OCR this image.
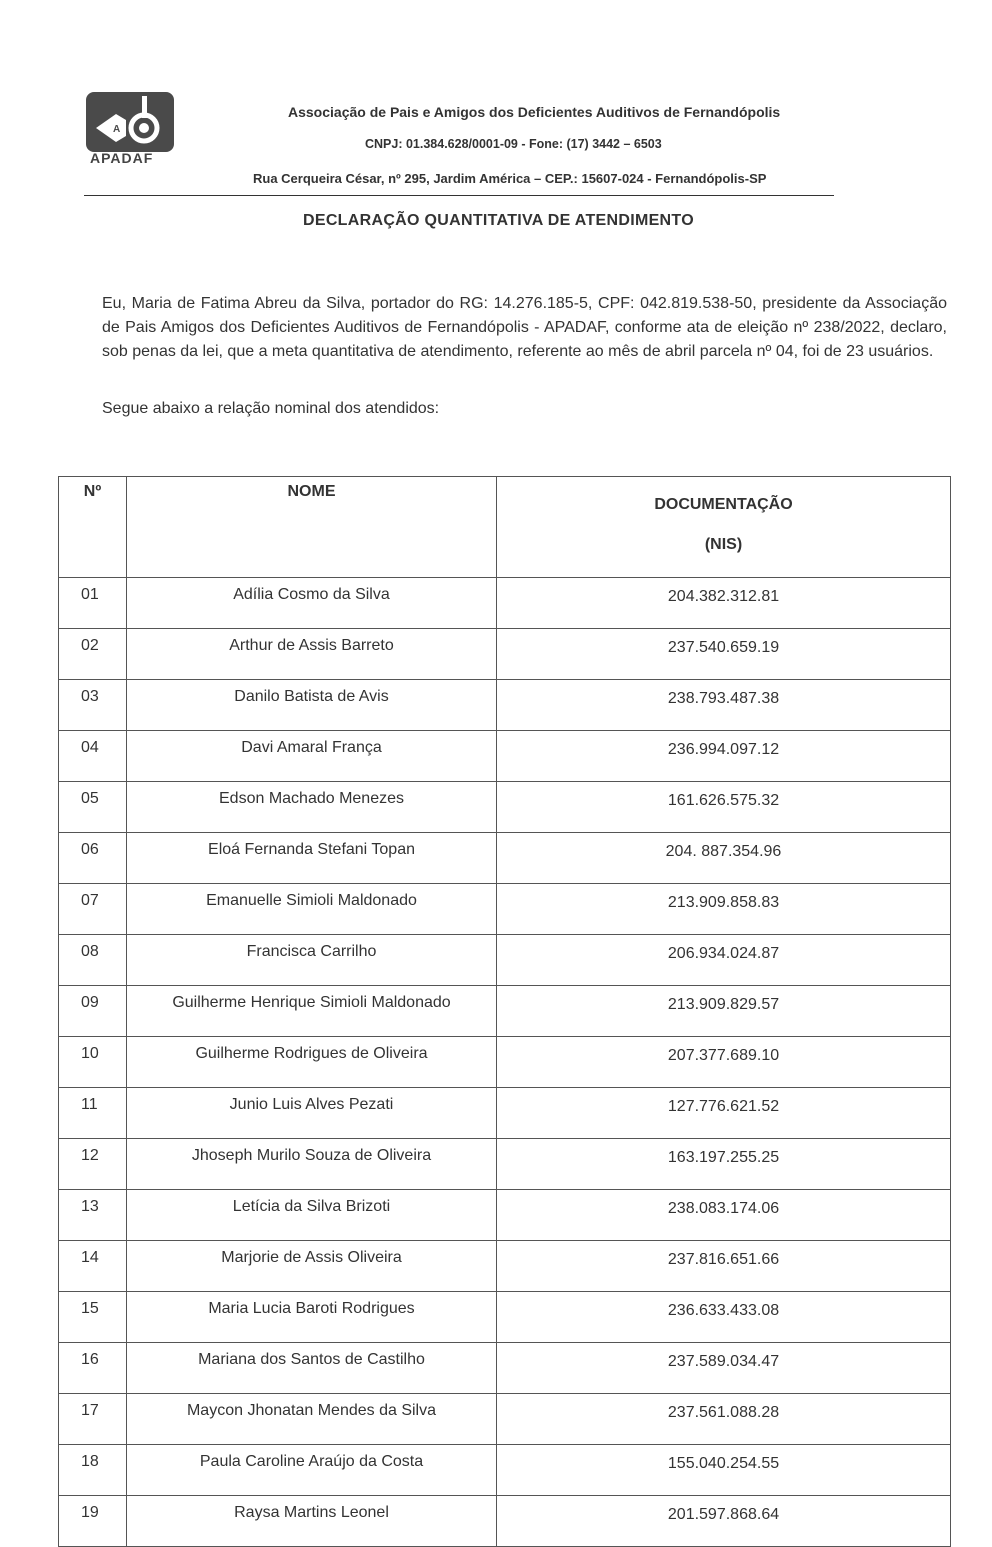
A
APADAF
Associação de Pais e Amigos dos Deficientes Auditivos de Fernandópolis
CNPJ: 01.384.628/0001-09 - Fone: (17) 3442 – 6503
Rua Cerqueira César, nº 295, Jardim América – CEP.: 15607-024 - Fernandópolis-SP
DECLARAÇÃO QUANTITATIVA DE ATENDIMENTO
Eu, Maria de Fatima Abreu da Silva, portador do RG: 14.276.185-5, CPF: 042.819.538-50, presidente da Associação de Pais Amigos dos Deficientes Auditivos de Fernandópolis - APADAF, conforme ata de eleição nº 238/2022, declaro, sob penas da lei, que a meta quantitativa de atendimento, referente ao mês de abril parcela nº 04, foi de 23 usuários.
Segue abaixo a relação nominal dos atendidos:
Nº	NOME	DOCUMENTAÇÃO
(NIS)

01	Adília Cosmo da Silva	204.382.312.81
02	Arthur de Assis Barreto	237.540.659.19
03	Danilo Batista de Avis	238.793.487.38
04	Davi Amaral França	236.994.097.12
05	Edson Machado Menezes	161.626.575.32
06	Eloá Fernanda Stefani Topan	204. 887.354.96
07	Emanuelle Simioli Maldonado	213.909.858.83
08	Francisca Carrilho	206.934.024.87
09	Guilherme Henrique Simioli Maldonado	213.909.829.57
10	Guilherme Rodrigues de Oliveira	207.377.689.10
11	Junio Luis Alves Pezati	127.776.621.52
12	Jhoseph Murilo Souza de Oliveira	163.197.255.25
13	Letícia da Silva Brizoti	238.083.174.06
14	Marjorie de Assis Oliveira	237.816.651.66
15	Maria Lucia Baroti Rodrigues	236.633.433.08
16	Mariana dos Santos de Castilho	237.589.034.47
17	Maycon Jhonatan Mendes da Silva	237.561.088.28
18	Paula Caroline Araújo da Costa	155.040.254.55
19	Raysa Martins Leonel	201.597.868.64
